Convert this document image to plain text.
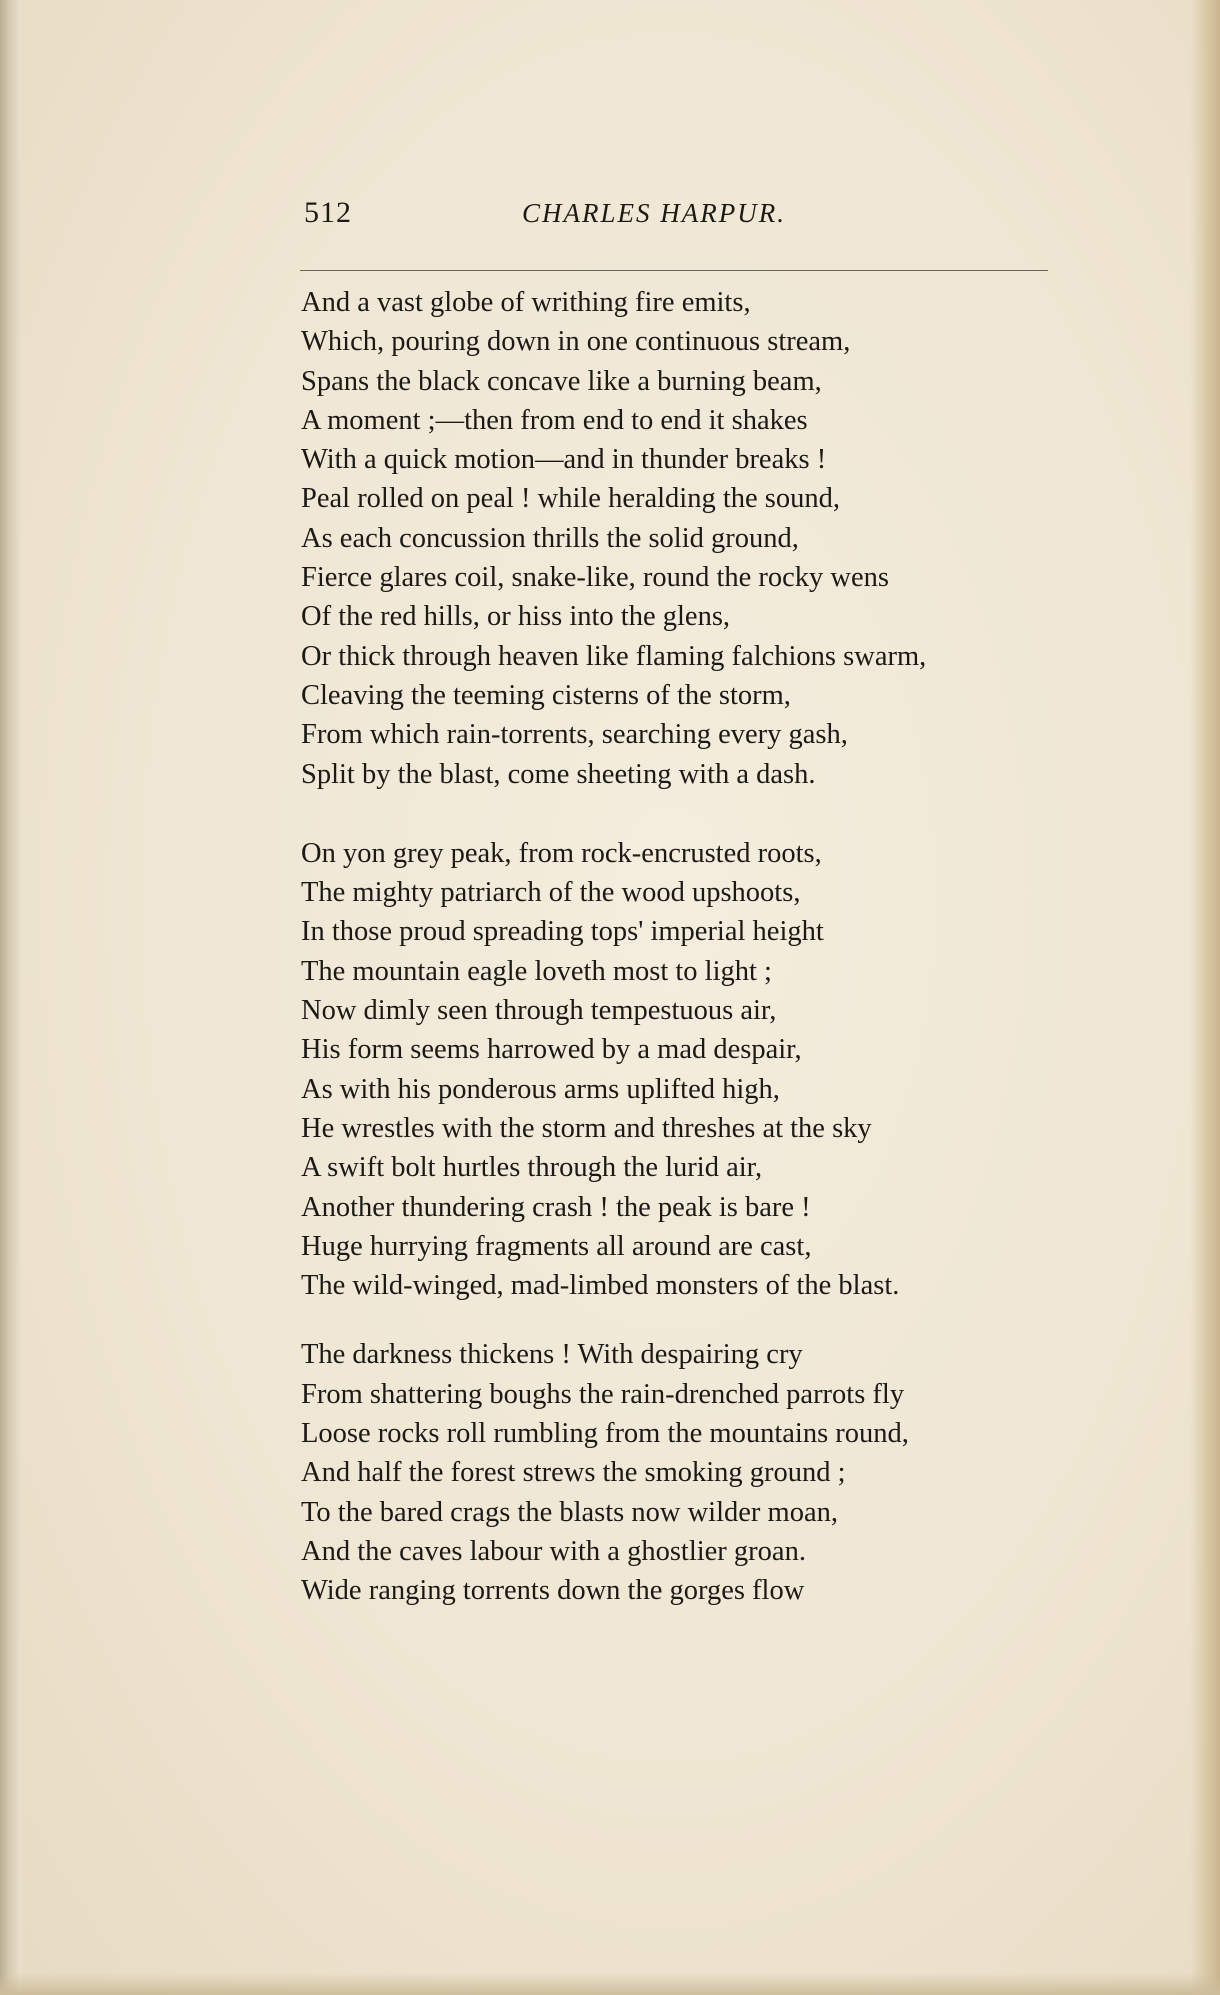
512	CHARLES HARPUR.
And a vast globe of writhing fire emits,
Which, pouring down in one continuous stream,
Spans the black concave like a burning beam,
A moment ;—then from end to end it shakes
With a quick motion—and in thunder breaks !
Peal rolled on peal ! while heralding the sound,
As each concussion thrills the solid ground,
Fierce glares coil, snake-like, round the rocky wens
Of the red hills, or hiss into the glens,
Or thick through heaven like flaming falchions swarm,
Cleaving the teeming cisterns of the storm,
From which rain-torrents, searching every gash,
Split by the blast, come sheeting with a dash.
On yon grey peak, from rock-encrusted roots,
The mighty patriarch of the wood upshoots,
In those proud spreading tops' imperial height
The mountain eagle loveth most to light ;
Now dimly seen through tempestuous air,
His form seems harrowed by a mad despair,
As with his ponderous arms uplifted high,
He wrestles with the storm and threshes at the sky
A swift bolt hurtles through the lurid air,
Another thundering crash ! the peak is bare !
Huge hurrying fragments all around are cast,
The wild-winged, mad-limbed monsters of the blast.
The darkness thickens ! With despairing cry
From shattering boughs the rain-drenched parrots fly
Loose rocks roll rumbling from the mountains round,
And half the forest strews the smoking ground ;
To the bared crags the blasts now wilder moan,
And the caves labour with a ghostlier groan.
Wide ranging torrents down the gorges flow
